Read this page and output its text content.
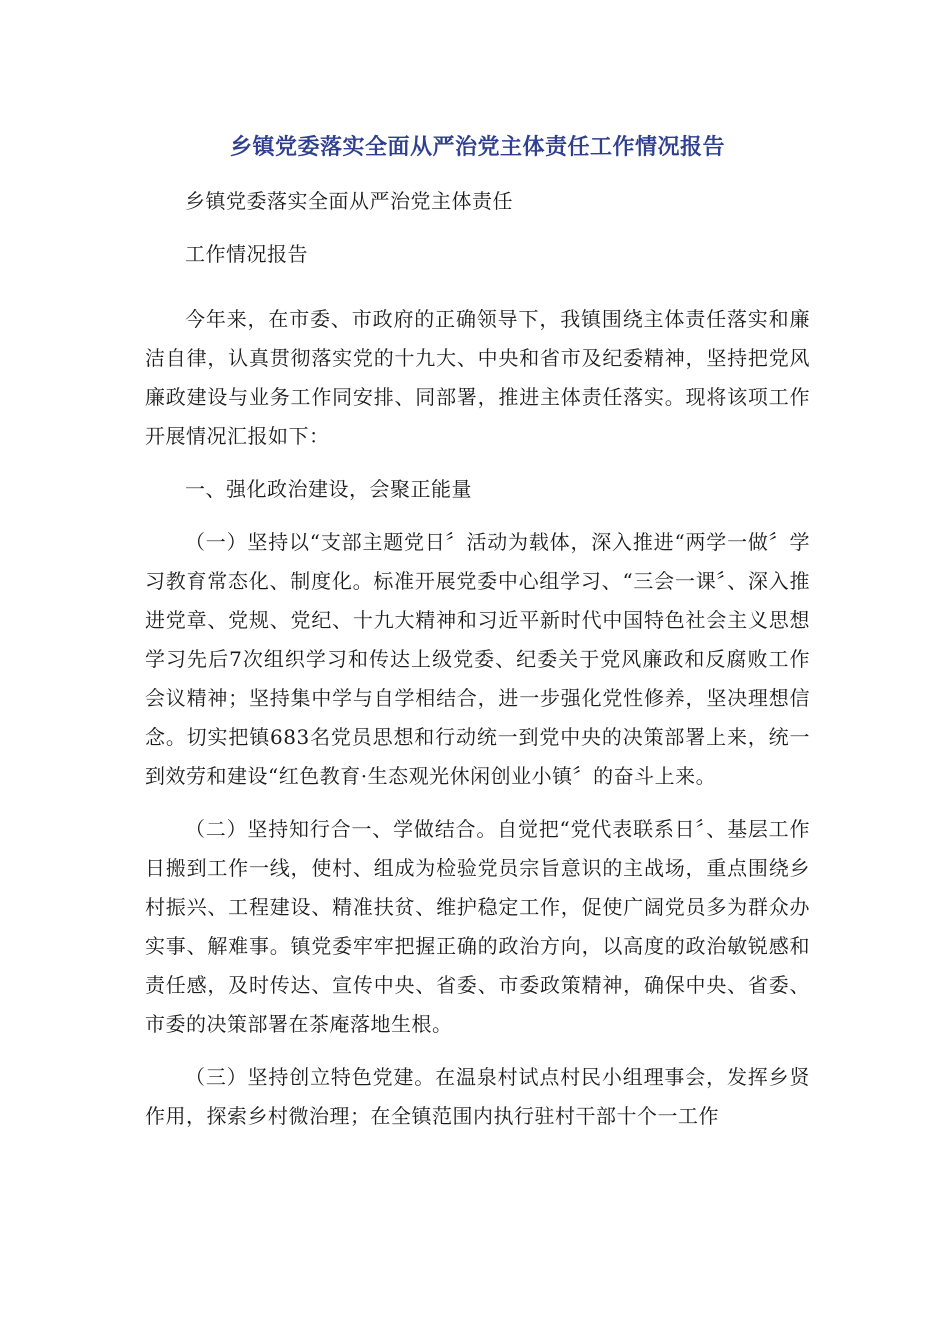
乡镇党委落实全面从严治党主体责任工作情况报告

乡镇党委落实全面从严治党主体责任

工作情况报告

今年来，在市委、市政府的正确领导下，我镇围绕主体责任落实和廉洁自律，认真贯彻落实党的十九大、中央和省市及纪委精神，坚持把党风廉政建设与业务工作同安排、同部署，推进主体责任落实。现将该项工作开展情况汇报如下：

一、强化政治建设，会聚正能量

（一）坚持以“支部主题党日〞活动为载体，深入推进“两学一做〞学习教育常态化、制度化。标准开展党委中心组学习、“三会一课〞、深入推进党章、党规、党纪、十九大精神和习近平新时代中国特色社会主义思想学习先后7次组织学习和传达上级党委、纪委关于党风廉政和反腐败工作会议精神；坚持集中学与自学相结合，进一步强化党性修养，坚决理想信念。切实把镇683名党员思想和行动统一到党中央的决策部署上来，统一到效劳和建设“红色教育·生态观光休闲创业小镇〞的奋斗上来。

（二）坚持知行合一、学做结合。自觉把“党代表联系日〞、基层工作日搬到工作一线，使村、组成为检验党员宗旨意识的主战场，重点围绕乡村振兴、工程建设、精准扶贫、维护稳定工作，促使广阔党员多为群众办实事、解难事。镇党委牢牢把握正确的政治方向，以高度的政治敏锐感和责任感，及时传达、宣传中央、省委、市委政策精神，确保中央、省委、市委的决策部署在茶庵落地生根。

（三）坚持创立特色党建。在温泉村试点村民小组理事会，发挥乡贤作用，探索乡村微治理；在全镇范围内执行驻村干部十个一工作
